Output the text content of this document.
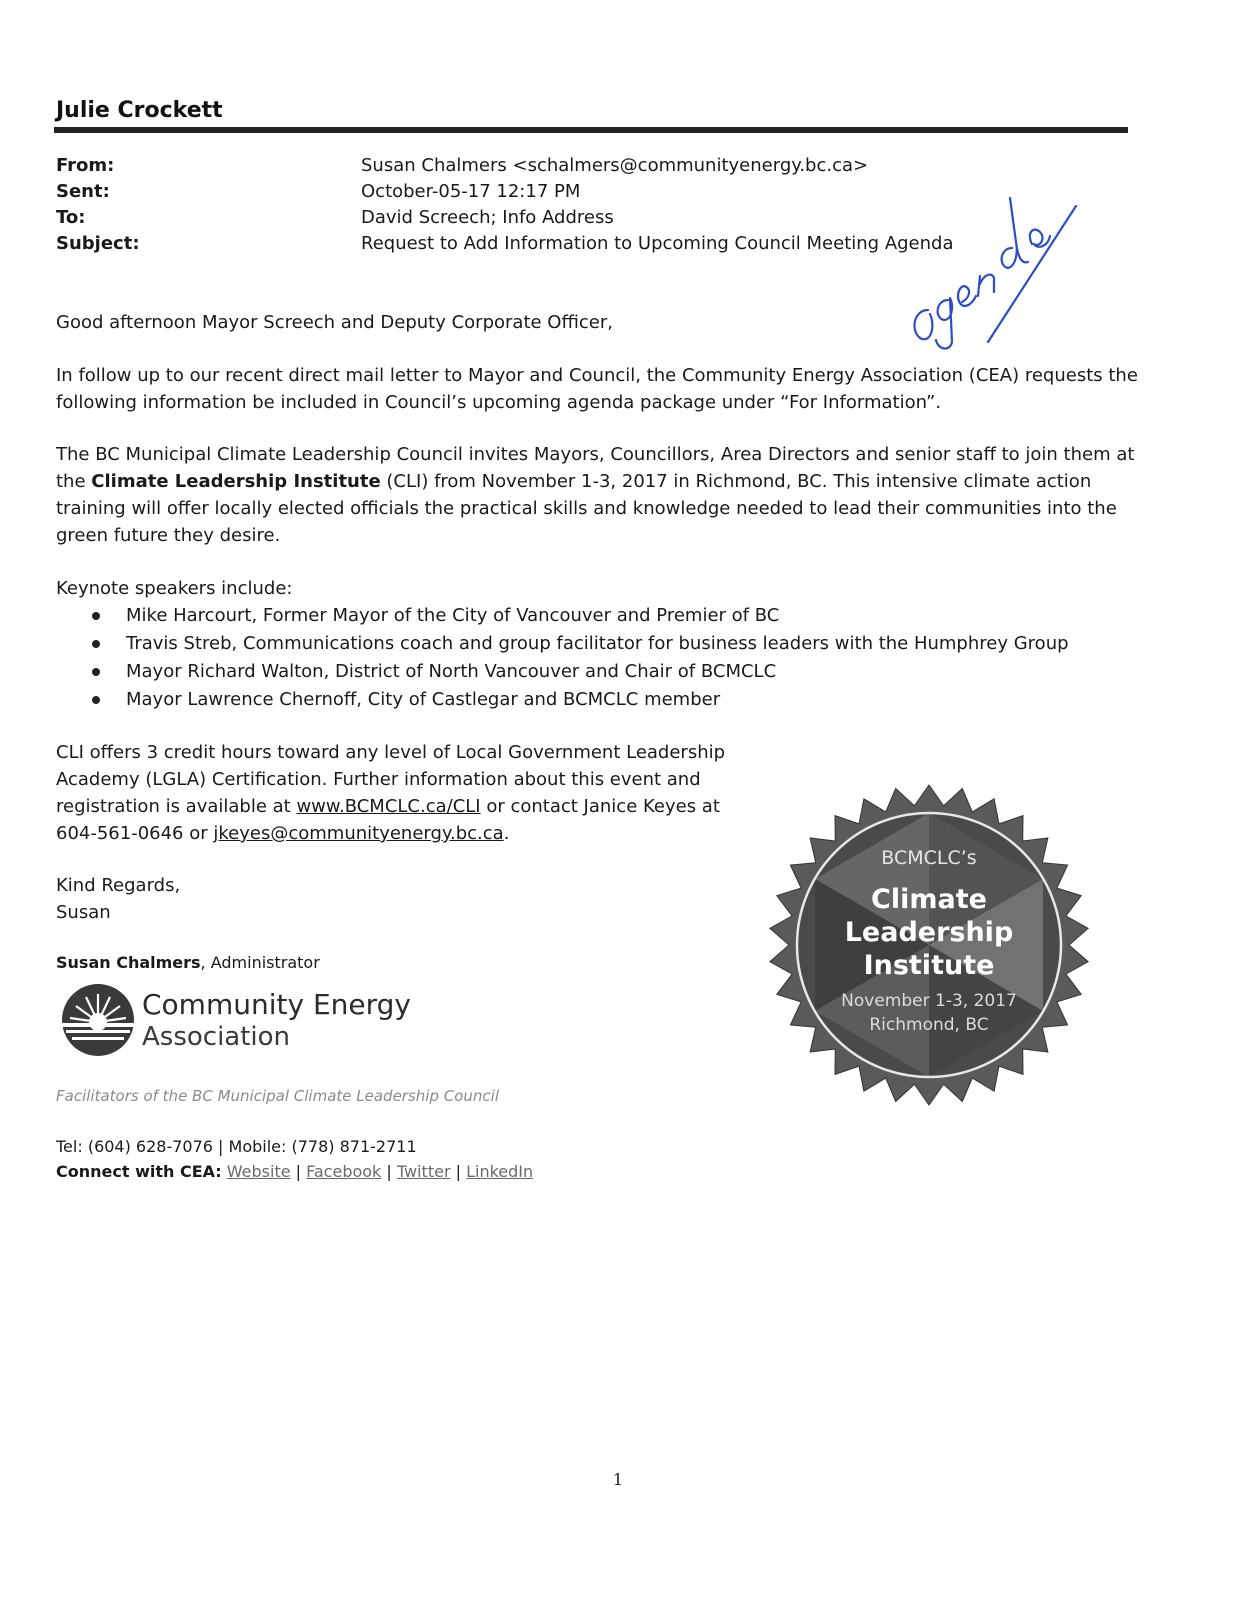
Julie Crockett
From:	Susan Chalmers <schalmers@communityenergy.bc.ca>
Sent:	October-05-17 12:17 PM
To:	David Screech; Info Address
Subject:	Request to Add Information to Upcoming Council Meeting Agenda
Good afternoon Mayor Screech and Deputy Corporate Officer,
In follow up to our recent direct mail letter to Mayor and Council, the Community Energy Association (CEA) requests the following information be included in Council’s upcoming agenda package under “For Information”.
The BC Municipal Climate Leadership Council invites Mayors, Councillors, Area Directors and senior staff to join them at the Climate Leadership Institute (CLI) from November 1-3, 2017 in Richmond, BC. This intensive climate action training will offer locally elected officials the practical skills and knowledge needed to lead their communities into the green future they desire.
Keynote speakers include:
Mike Harcourt, Former Mayor of the City of Vancouver and Premier of BC
Travis Streb, Communications coach and group facilitator for business leaders with the Humphrey Group
Mayor Richard Walton, District of North Vancouver and Chair of BCMCLC
Mayor Lawrence Chernoff, City of Castlegar and BCMCLC member
CLI offers 3 credit hours toward any level of Local Government Leadership Academy (LGLA) Certification. Further information about this event and registration is available at www.BCMCLC.ca/CLI or contact Janice Keyes at 604-561-0646 or jkeyes@communityenergy.bc.ca.
Kind Regards,
Susan
Susan Chalmers, Administrator
Community Energy
Association
Facilitators of the BC Municipal Climate Leadership Council
Tel: (604) 628-7076 | Mobile: (778) 871-2711
Connect with CEA: Website | Facebook | Twitter | LinkedIn
BCMCLC’s
Climate
Leadership
Institute
November 1-3, 2017
Richmond, BC
1
